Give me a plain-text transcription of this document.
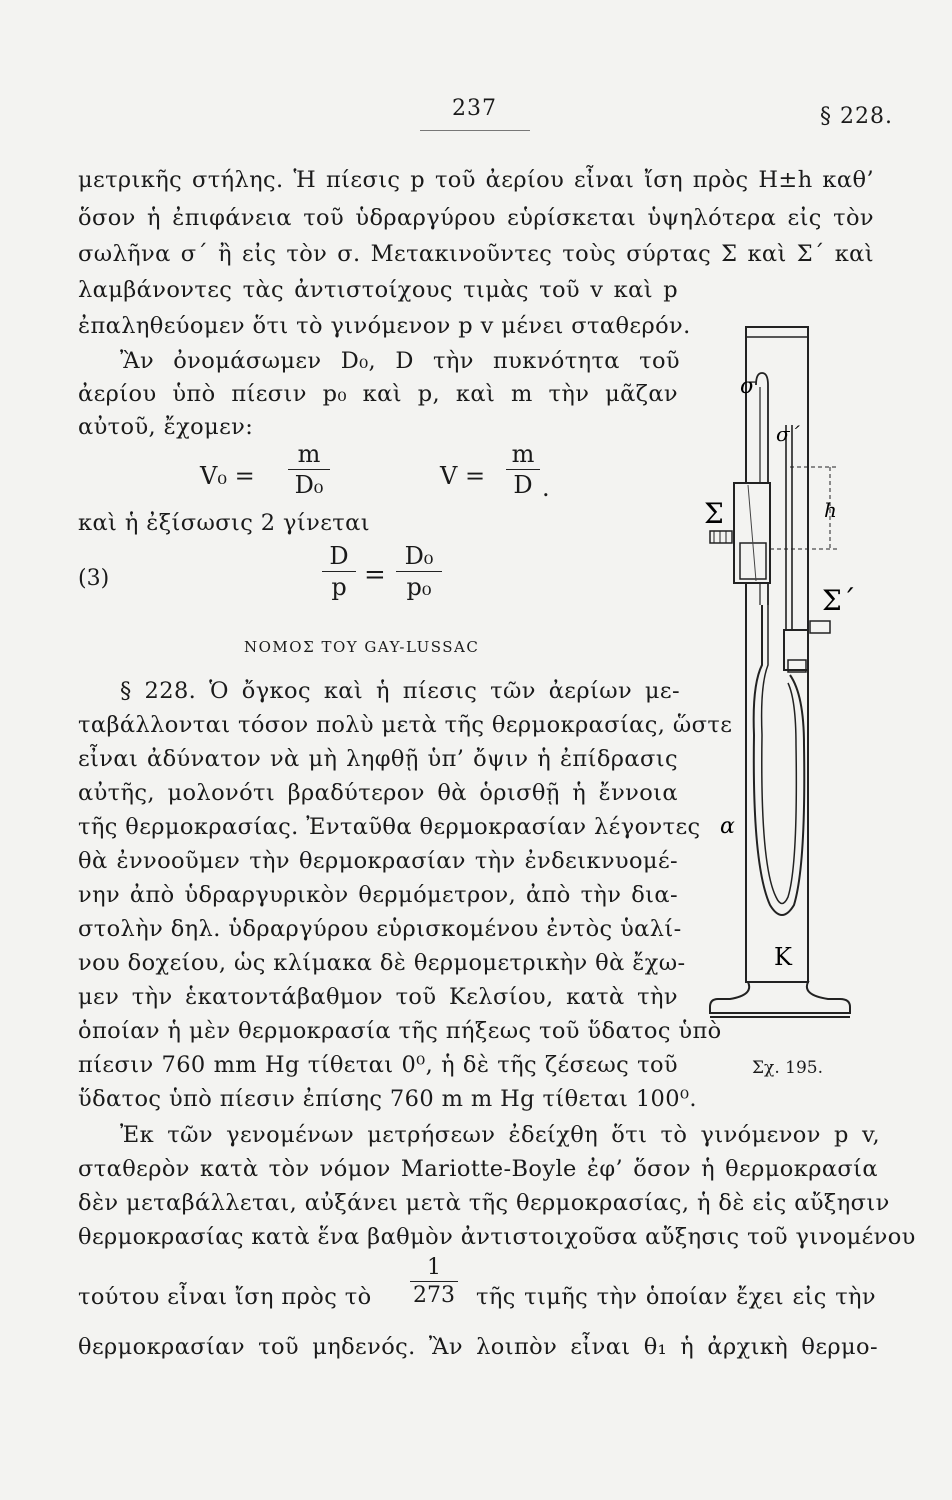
237	§ 228.
μετρικῆς στήλης. Ἡ πίεσις p τοῦ ἀερίου εἶναι ἴση πρὸς Η±h καθ’
ὅσον ἡ ἐπιφάνεια τοῦ ὑδραργύρου εὑρίσκεται ὑψηλότερα εἰς τὸν
σωλῆνα σ´ ἢ εἰς τὸν σ. Μετακινοῦντες τοὺς σύρτας Σ καὶ Σ´ καὶ
λαμβάνοντες τὰς ἀντιστοίχους τιμὰς τοῦ v καὶ p
ἐπαληθεύομεν ὅτι τὸ γινόμενον p v μένει σταθερόν.
Ἂν ὀνομάσωμεν D₀, D τὴν πυκνότητα τοῦ
ἀερίου ὑπὸ πίεσιν p₀ καὶ p, καὶ m τὴν μᾶζαν
αὐτοῦ, ἔχομεν:
V₀ =
m
D₀	V =
m
D .
καὶ ἡ ἐξίσωσις 2 γίνεται
(3)
D
p =
D₀
p₀
ΝΟΜΟΣ ΤΟΥ GAY-LUSSAC
§ 228. Ὁ ὄγκος καὶ ἡ πίεσις τῶν ἀερίων με-
ταβάλλονται τόσον πολὺ μετὰ τῆς θερμοκρασίας, ὥστε
εἶναι ἀδύνατον νὰ μὴ ληφθῇ ὑπ’ ὄψιν ἡ ἐπίδρασις
αὐτῆς, μολονότι βραδύτερον θὰ ὁρισθῇ ἡ ἔννοια
τῆς θερμοκρασίας. Ἐνταῦθα θερμοκρασίαν λέγοντες
θὰ ἐννοοῦμεν τὴν θερμοκρασίαν τὴν ἐνδεικνυομέ-
νην ἀπὸ ὑδραργυρικὸν θερμόμετρον, ἀπὸ τὴν δια-
στολὴν δηλ. ὑδραργύρου εὑρισκομένου ἐντὸς ὑαλί-
νου δοχείου, ὡς κλίμακα δὲ θερμομετρικὴν θὰ ἔχω-
μεν τὴν ἑκατοντάβαθμον τοῦ Κελσίου, κατὰ τὴν
ὁποίαν ἡ μὲν θερμοκρασία τῆς πήξεως τοῦ ὕδατος ὑπὸ
πίεσιν 760 mm Hg τίθεται 0⁰, ἡ δὲ τῆς ζέσεως τοῦ
ὕδατος ὑπὸ πίεσιν ἐπίσης 760 m m Hg τίθεται 100⁰.
Σχ. 195.
Ἐκ τῶν γενομένων μετρήσεων ἐδείχθη ὅτι τὸ γινόμενον p v,
σταθερὸν κατὰ τὸν νόμον Mariotte-Boyle ἐφ’ ὅσον ἡ θερμοκρασία
δὲν μεταβάλλεται, αὐξάνει μετὰ τῆς θερμοκρασίας, ἡ δὲ εἰς αὔξησιν
θερμοκρασίας κατὰ ἕνα βαθμὸν ἀντιστοιχοῦσα αὔξησις τοῦ γινομένου
τούτου εἶναι ἴση πρὸς τὸ
1
273 τῆς τιμῆς τὴν ὁποίαν ἔχει εἰς τὴν
θερμοκρασίαν τοῦ μηδενός. Ἂν λοιπὸν εἶναι θ₁ ἡ ἀρχικὴ θερμο-
σ
σ´
h
Σ
Σ´
α
K
